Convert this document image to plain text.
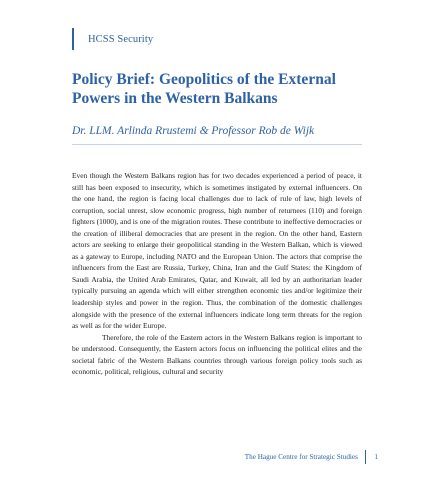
HCSS Security
Policy Brief: Geopolitics of the External Powers in the Western Balkans

Dr. LLM. Arlinda Rrustemi & Professor Rob de Wijk

Even though the Western Balkans region has for two decades experienced a period of peace, it still has been exposed to insecurity, which is sometimes instigated by external influencers. On the one hand, the region is facing local challenges due to lack of rule of law, high levels of corruption, social unrest, slow economic progress, high number of returnees (110) and foreign fighters (1000), and is one of the migration routes. These contribute to ineffective democracies or the creation of illiberal democracies that are present in the region. On the other hand, Eastern actors are seeking to enlarge their geopolitical standing in the Western Balkan, which is viewed as a gateway to Europe, including NATO and the European Union. The actors that comprise the influencers from the East are Russia, Turkey, China, Iran and the Gulf States: the Kingdom of Saudi Arabia, the United Arab Emirates, Qatar, and Kuwait, all led by an authoritarian leader typically pursuing an agenda which will either strengthen economic ties and/or legitimize their leadership styles and power in the region. Thus, the combination of the domestic challenges alongside with the presence of the external influencers indicate long term threats for the region as well as for the wider Europe.

Therefore, the role of the Eastern actors in the Western Balkans region is important to be understood. Consequently, the Eastern actors focus on influencing the political elites and the societal fabric of the Western Balkans countries through various foreign policy tools such as economic, political, religious, cultural and security

The Hague Centre for Strategic Studies	1
